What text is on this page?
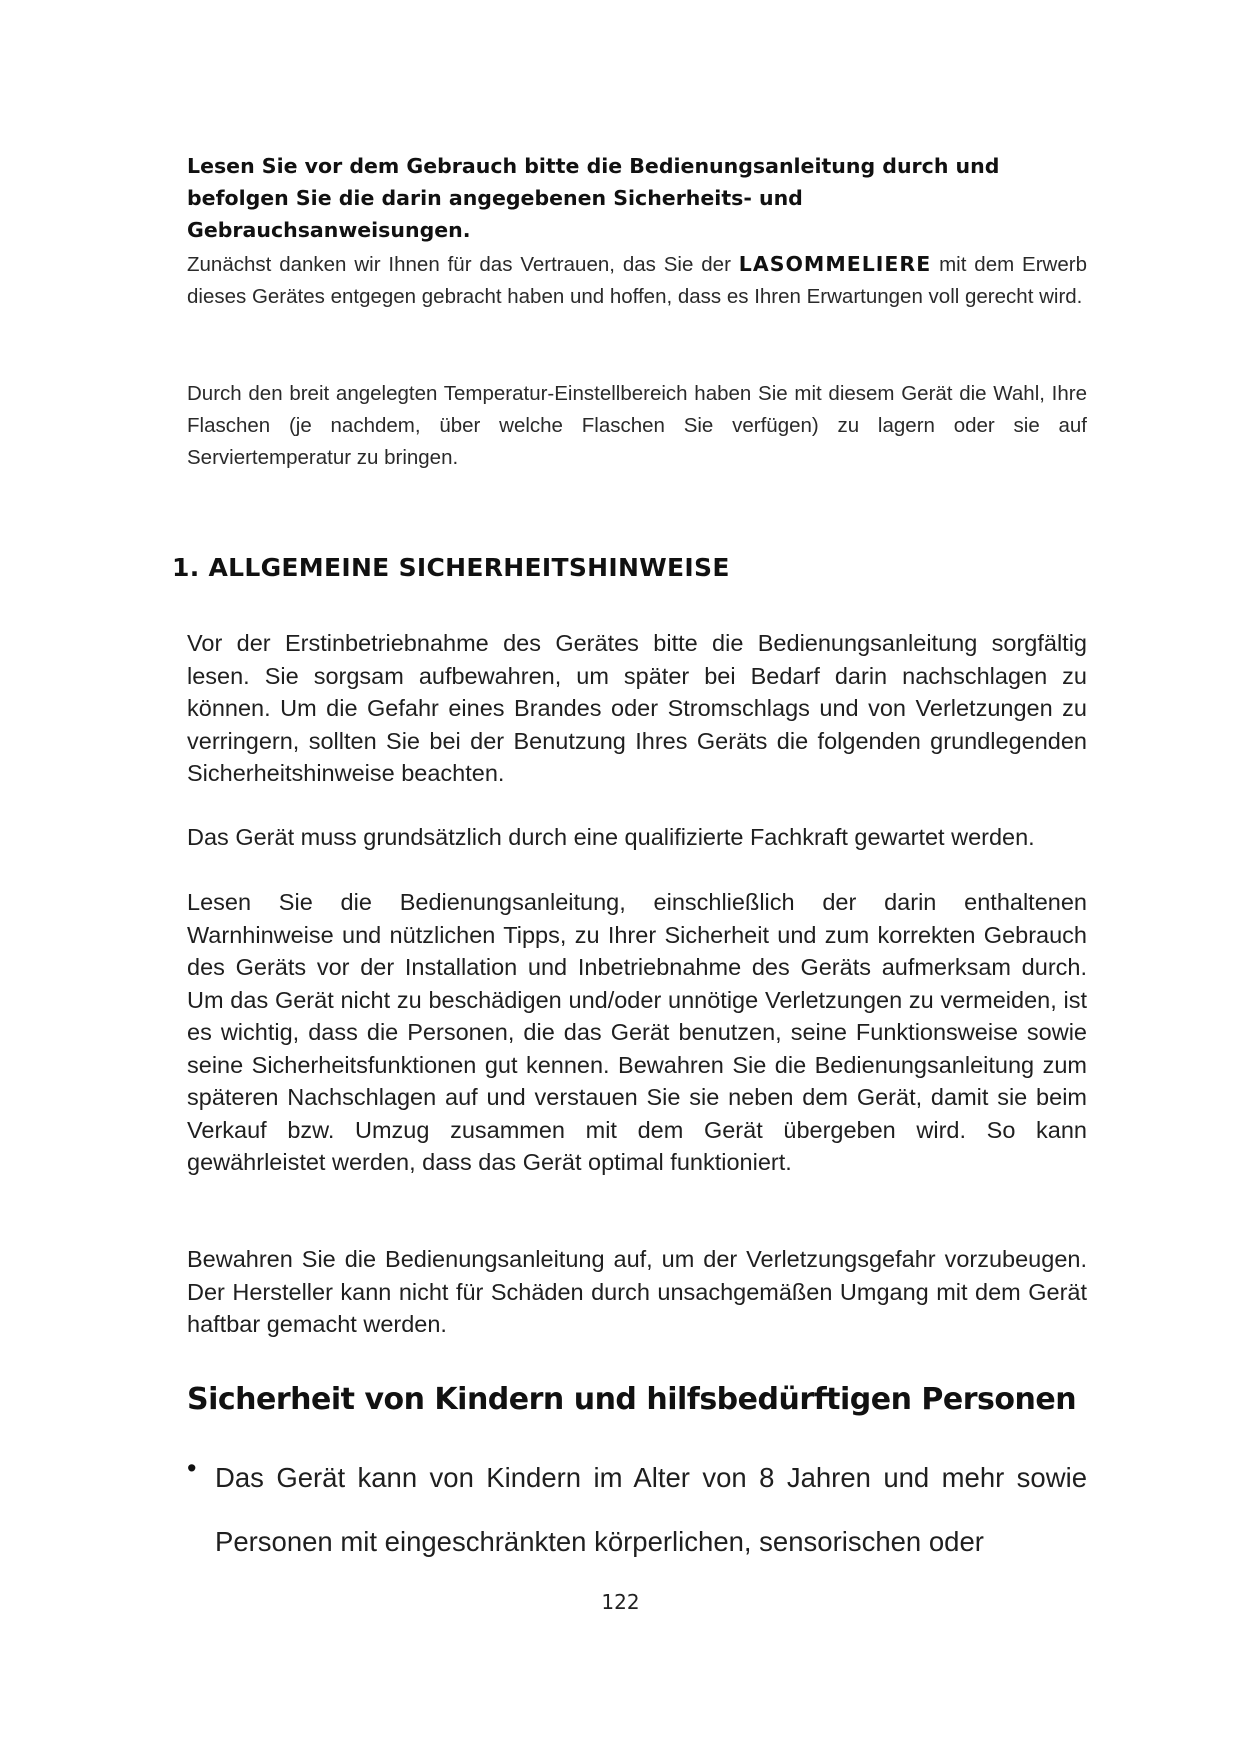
Lesen Sie vor dem Gebrauch bitte die Bedienungsanleitung durch und befolgen Sie die darin angegebenen Sicherheits- und Gebrauchsanweisungen.
Zunächst danken wir Ihnen für das Vertrauen, das Sie der LASOMMELIERE mit dem Erwerb dieses Gerätes entgegen gebracht haben und hoffen, dass es Ihren Erwartungen voll gerecht wird.
Durch den breit angelegten Temperatur-Einstellbereich haben Sie mit diesem Gerät die Wahl, Ihre Flaschen (je nachdem, über welche Flaschen Sie verfügen) zu lagern oder sie auf Serviertemperatur zu bringen.
1. ALLGEMEINE SICHERHEITSHINWEISE
Vor der Erstinbetriebnahme des Gerätes bitte die Bedienungsanleitung sorgfältig lesen. Sie sorgsam aufbewahren, um später bei Bedarf darin nachschlagen zu können. Um die Gefahr eines Brandes oder Stromschlags und von Verletzungen zu verringern, sollten Sie bei der Benutzung Ihres Geräts die folgenden grundlegenden Sicherheitshinweise beachten.
Das Gerät muss grundsätzlich durch eine qualifizierte Fachkraft gewartet werden.
Lesen Sie die Bedienungsanleitung, einschließlich der darin enthaltenen Warnhinweise und nützlichen Tipps, zu Ihrer Sicherheit und zum korrekten Gebrauch des Geräts vor der Installation und Inbetriebnahme des Geräts aufmerksam durch. Um das Gerät nicht zu beschädigen und/oder unnötige Verletzungen zu vermeiden, ist es wichtig, dass die Personen, die das Gerät benutzen, seine Funktionsweise sowie seine Sicherheitsfunktionen gut kennen. Bewahren Sie die Bedienungsanleitung zum späteren Nachschlagen auf und verstauen Sie sie neben dem Gerät, damit sie beim Verkauf bzw. Umzug zusammen mit dem Gerät übergeben wird. So kann gewährleistet werden, dass das Gerät optimal funktioniert.
Bewahren Sie die Bedienungsanleitung auf, um der Verletzungsgefahr vorzubeugen. Der Hersteller kann nicht für Schäden durch unsachgemäßen Umgang mit dem Gerät haftbar gemacht werden.
Sicherheit von Kindern und hilfsbedürftigen Personen
• Das Gerät kann von Kindern im Alter von 8 Jahren und mehr sowie Personen mit eingeschränkten körperlichen, sensorischen oder
122
